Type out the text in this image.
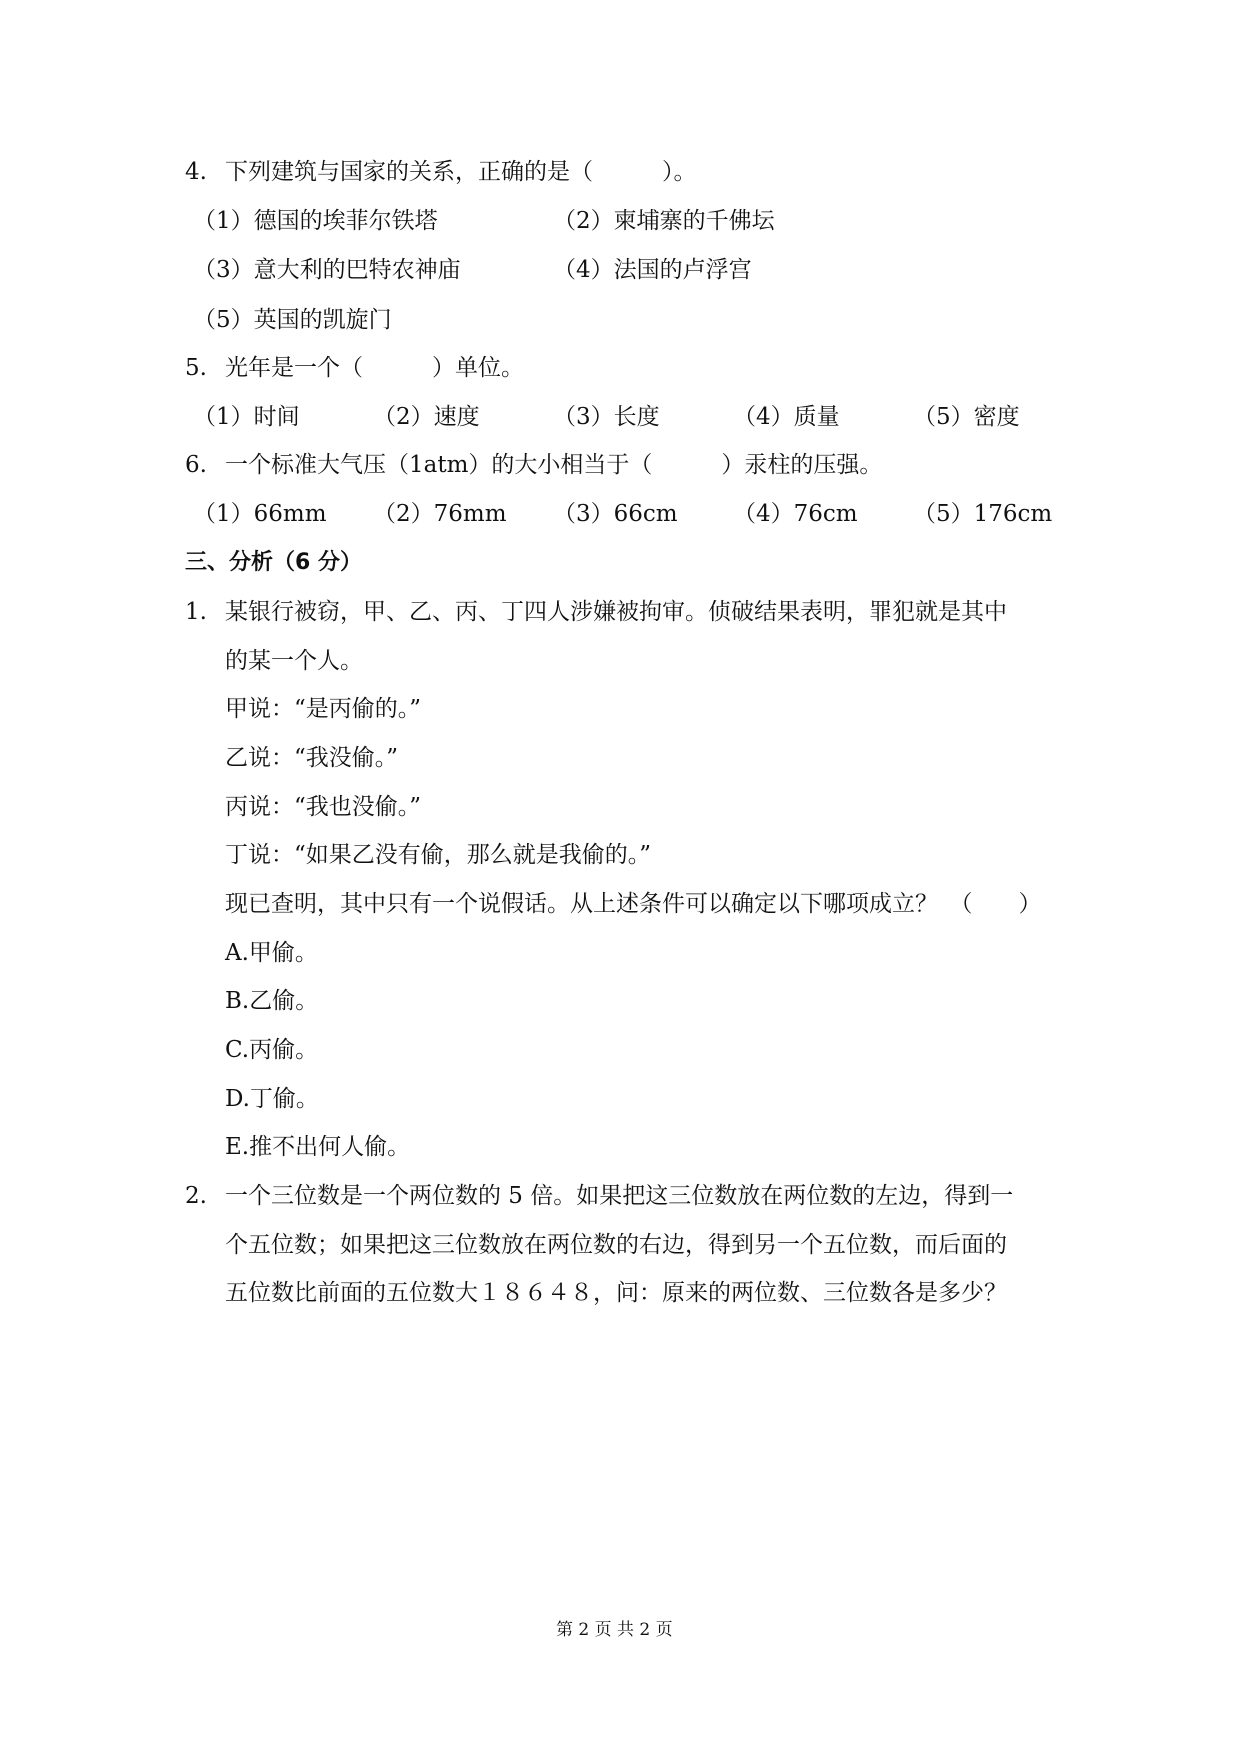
4. 下列建筑与国家的关系，正确的是（　　　）。
（1）德国的埃菲尔铁塔	（2）柬埔寨的千佛坛
（3）意大利的巴特农神庙	（4）法国的卢浮宫
（5）英国的凯旋门
5. 光年是一个（　　　）单位。
（1）时间	（2）速度	（3）长度	（4）质量	（5）密度
6. 一个标准大气压（1atm）的大小相当于（　　　）汞柱的压强。
（1）66mm （2）76mm （3）66cm （4）76cm （5）176cm
三、分析（6 分）
1. 某银行被窃，甲、乙、丙、丁四人涉嫌被拘审。侦破结果表明，罪犯就是其中
的某一个人。
甲说：“是丙偷的。”
乙说：“我没偷。”
丙说：“我也没偷。”
丁说：“如果乙没有偷，那么就是我偷的。”
现已查明，其中只有一个说假话。从上述条件可以确定以下哪项成立？　（　　）
A.甲偷。
B.乙偷。
C.丙偷。
D.丁偷。
E.推不出何人偷。
2. 一个三位数是一个两位数的 5 倍。如果把这三位数放在两位数的左边，得到一
个五位数；如果把这三位数放在两位数的右边，得到另一个五位数，而后面的
五位数比前面的五位数大１８６４８，问：原来的两位数、三位数各是多少？
第 2 页 共 2 页
